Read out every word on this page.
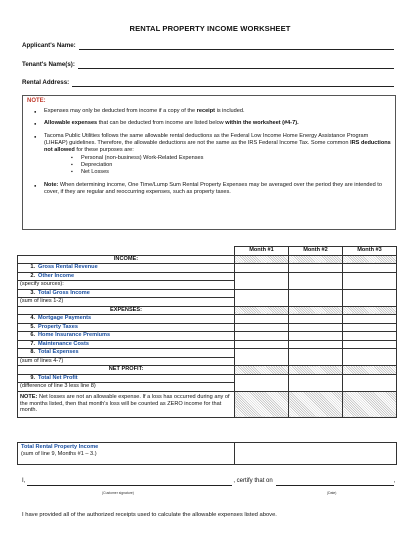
RENTAL PROPERTY INCOME WORKSHEET
Applicant's Name:
Tenant's Name(s):
Rental Address:
NOTE:
● Expenses may only be deducted from income if a copy of the receipt is included.
● Allowable expenses that can be deducted from income are listed below within the worksheet (#4-7).
● Tacoma Public Utilities follows the same allowable rental deductions as the Federal Low Income Home Energy Assistance Program (LIHEAP) guidelines. Therefore, the allowable deductions are not the same as the IRS Federal Income Tax. Some common IRS deductions not allowed for these purposes are:
▪ Personal (non-business) Work-Related Expenses
▪ Depreciation
▪ Net Losses
● Note: When determining income, One Time/Lump Sum Rental Property Expenses may be averaged over the period they are intended to cover, if they are regular and reoccurring expenses, such as property taxes.
	Month #1	Month #2	Month #3
INCOME:			
1. Gross Rental Revenue			
2. Other Income			
(specify sources):			
3. Total Gross Income			
(sum of lines 1-2)			
EXPENSES:			
4. Mortgage Payments			
5. Property Taxes			
6. Home Insurance Premiums			
7. Maintenance Costs			
8. Total Expenses			
(sum of lines 4-7)			
NET PROFIT:			
9. Total Net Profit			
(difference of line 3 less line 8)			
NOTE: Net losses are not an allowable expense. If a loss has occurred during any of the months listed, then that month's loss will be counted as ZERO income for that month.			
Total Rental Property Income
(sum of line 9, Months #1 – 3.)

I,	, certify that on	,
(Customer signature)	(Date)
I have provided all of the authorized receipts used to calculate the allowable expenses listed above.
